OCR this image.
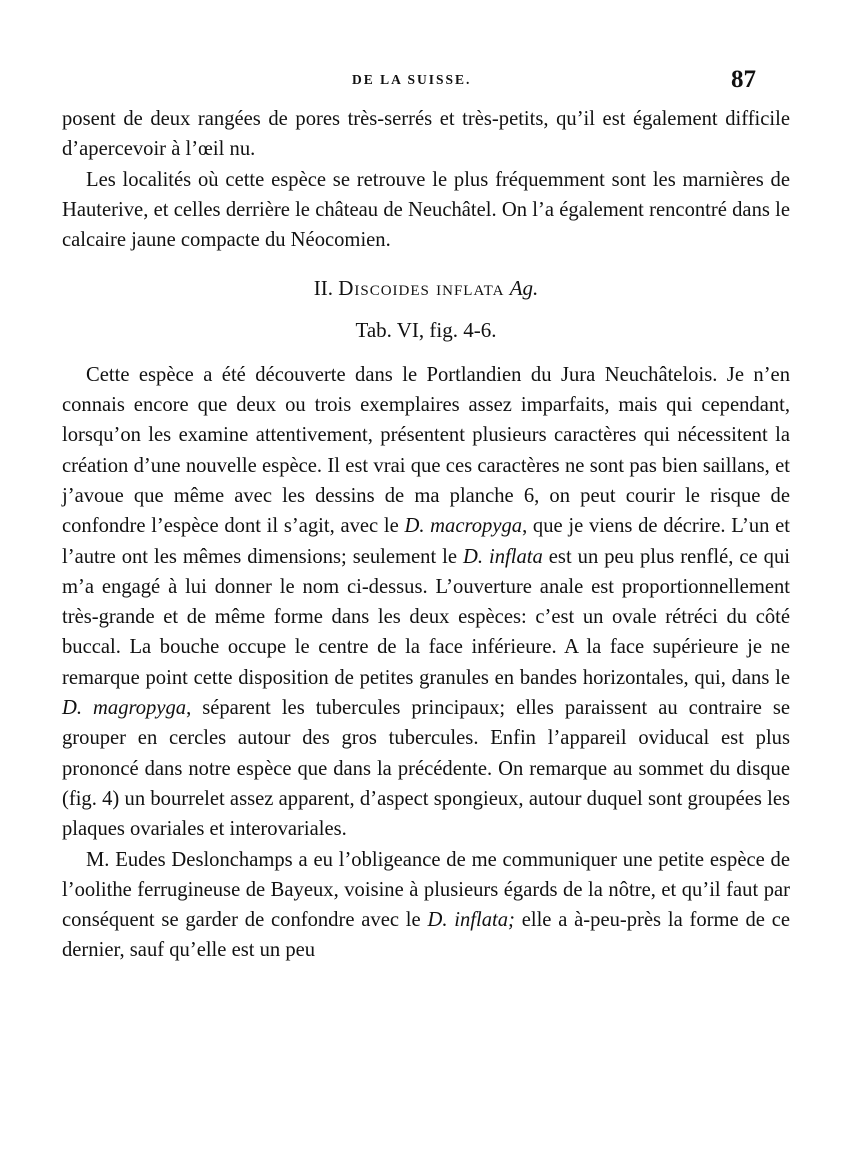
DE LA SUISSE.	87

posent de deux rangées de pores très-serrés et très-petits, qu’il est également difficile d’apercevoir à l’œil nu.

Les localités où cette espèce se retrouve le plus fréquemment sont les marnières de Hauterive, et celles derrière le château de Neuchâtel. On l’a également rencontré dans le calcaire jaune compacte du Néocomien.

II. Discoides inflata Ag.

Tab. VI, fig. 4-6.

Cette espèce a été découverte dans le Portlandien du Jura Neuchâtelois. Je n’en connais encore que deux ou trois exemplaires assez imparfaits, mais qui cependant, lorsqu’on les examine attentivement, présentent plusieurs caractères qui nécessitent la création d’une nouvelle espèce. Il est vrai que ces caractères ne sont pas bien saillans, et j’avoue que même avec les dessins de ma planche 6, on peut courir le risque de confondre l’espèce dont il s’agit, avec le D. macropyga, que je viens de décrire. L’un et l’autre ont les mêmes dimensions; seulement le D. inflata est un peu plus renflé, ce qui m’a engagé à lui donner le nom ci-dessus. L’ouverture anale est proportionnellement très-grande et de même forme dans les deux espèces: c’est un ovale rétréci du côté buccal. La bouche occupe le centre de la face inférieure. A la face supérieure je ne remarque point cette disposition de petites granules en bandes horizontales, qui, dans le D. magropyga, séparent les tubercules principaux; elles paraissent au contraire se grouper en cercles autour des gros tubercules. Enfin l’appareil oviducal est plus prononcé dans notre espèce que dans la précédente. On remarque au sommet du disque (fig. 4) un bourrelet assez apparent, d’aspect spongieux, autour duquel sont groupées les plaques ovariales et interovariales.

M. Eudes Deslonchamps a eu l’obligeance de me communiquer une petite espèce de l’oolithe ferrugineuse de Bayeux, voisine à plusieurs égards de la nôtre, et qu’il faut par conséquent se garder de confondre avec le D. inflata; elle a à-peu-près la forme de ce dernier, sauf qu’elle est un peu
